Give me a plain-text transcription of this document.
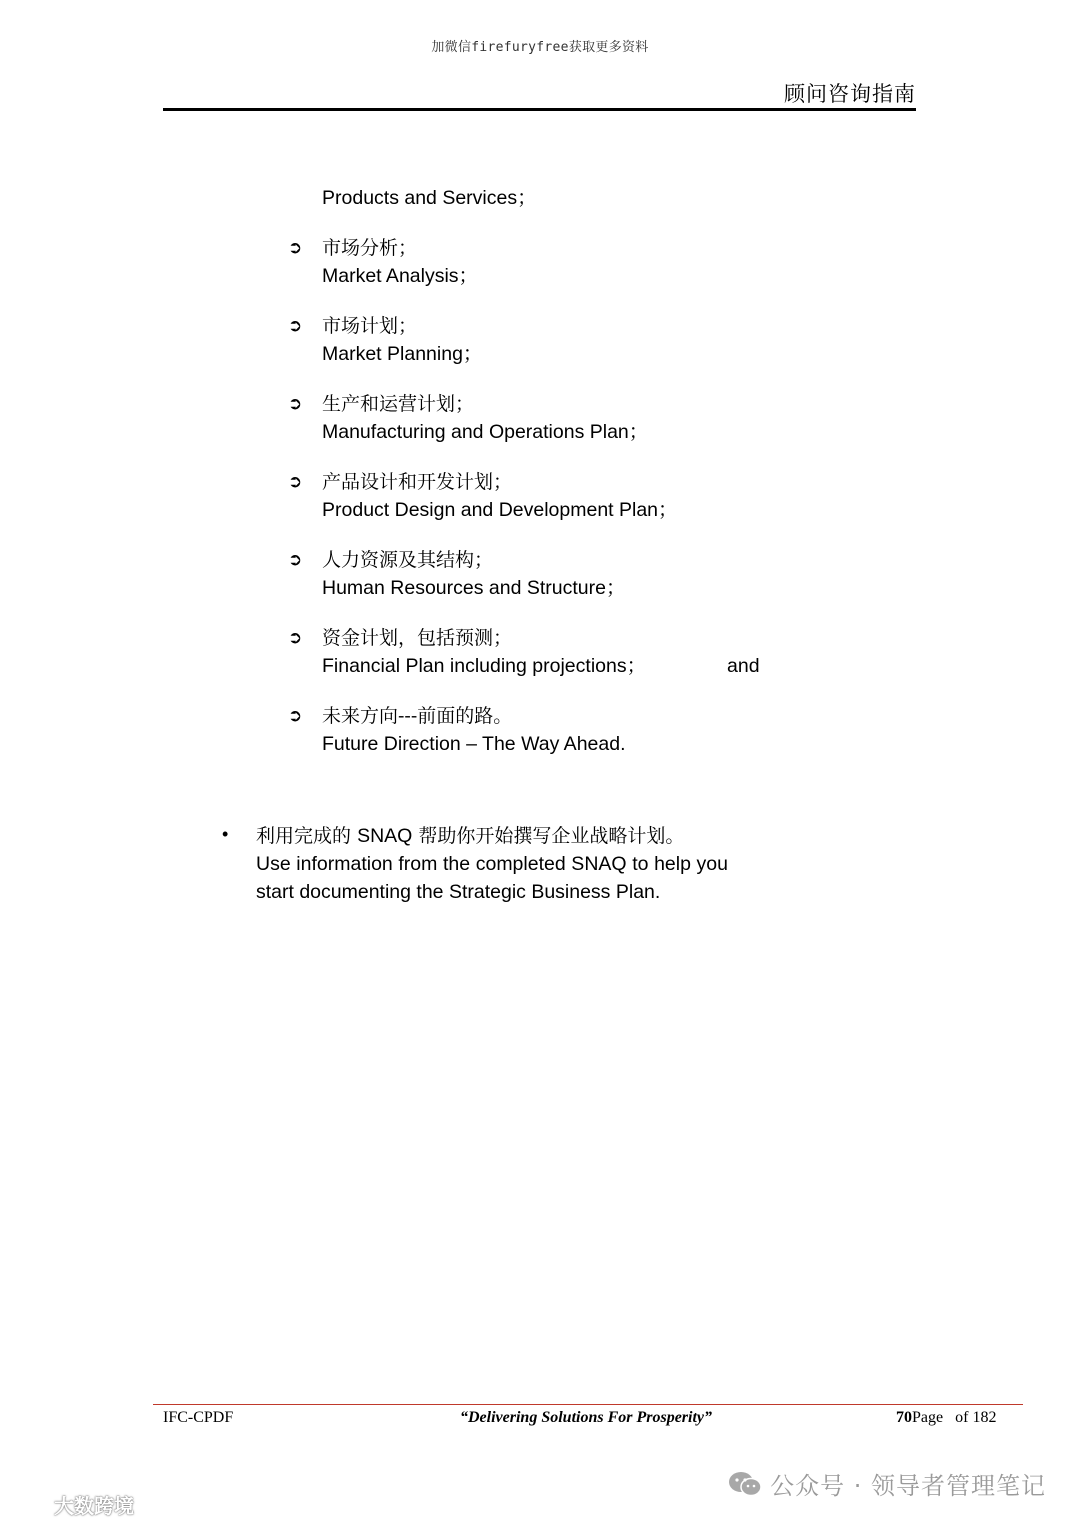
加微信firefuryfree获取更多资料
顾问咨询指南
Products and Services；
➲ 市场分析；
Market Analysis；
➲ 市场计划；
Market Planning；
➲ 生产和运营计划；
Manufacturing and Operations Plan；
➲ 产品设计和开发计划；
Product Design and Development Plan；
➲ 人力资源及其结构；
Human Resources and Structure；
➲ 资金计划，包括预测；
Financial Plan including projections；	and
➲ 未来方向---前面的路。
Future Direction – The Way Ahead.
• 利用完成的 SNAQ 帮助你开始撰写企业战略计划。
Use information from the completed SNAQ to help you start documenting the Strategic Business Plan.
IFC-CPDF	“Delivering Solutions For Prosperity”	70Page of 182
公众号 · 领导者管理笔记
大数跨境
